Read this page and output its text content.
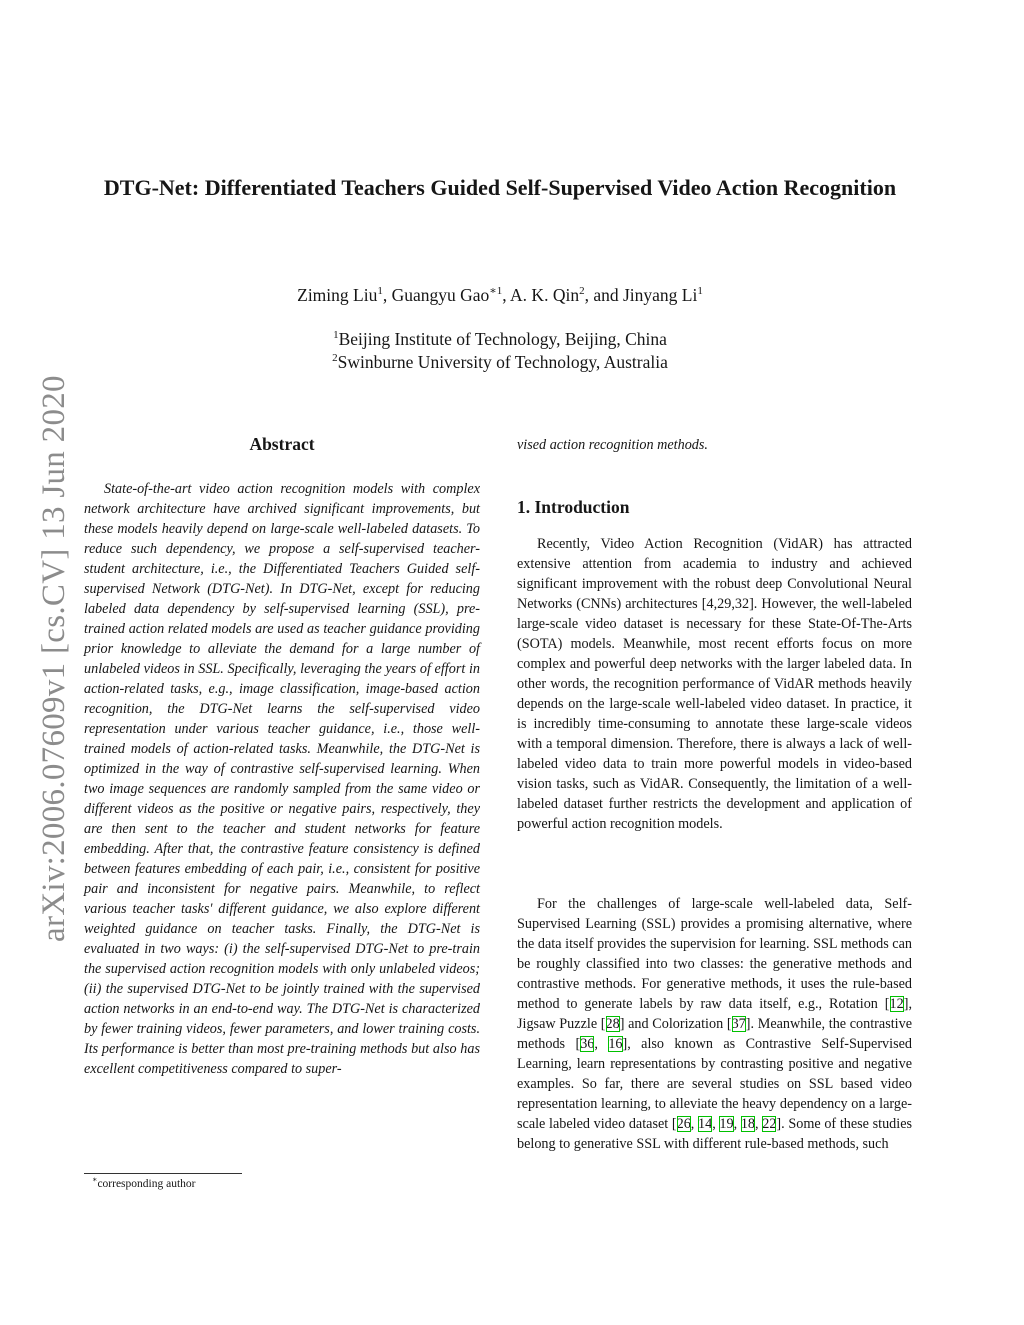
arXiv:2006.07609v1 [cs.CV] 13 Jun 2020
DTG-Net: Differentiated Teachers Guided Self-Supervised Video Action Recognition
Ziming Liu$^1$, Guangyu Gao$^{∗1}$, A. K. Qin$^2$, and Jinyang Li$^1$
$^1$Beijing Institute of Technology, Beijing, China
$^2$Swinburne University of Technology, Australia
Abstract

State-of-the-art video action recognition models with complex network architecture have archived significant improvements, but these models heavily depend on large-scale well-labeled datasets. To reduce such dependency, we propose a self-supervised teacher-student architecture, i.e., the Differentiated Teachers Guided self-supervised Network (DTG-Net). In DTG-Net, except for reducing labeled data dependency by self-supervised learning (SSL), pre-trained action related models are used as teacher guidance providing prior knowledge to alleviate the demand for a large number of unlabeled videos in SSL. Specifically, leveraging the years of effort in action-related tasks, e.g., image classification, image-based action recognition, the DTG-Net learns the self-supervised video representation under various teacher guidance, i.e., those well-trained models of action-related tasks. Meanwhile, the DTG-Net is optimized in the way of contrastive self-supervised learning. When two image sequences are randomly sampled from the same video or different videos as the positive or negative pairs, respectively, they are then sent to the teacher and student networks for feature embedding. After that, the contrastive feature consistency is defined between features embedding of each pair, i.e., consistent for positive pair and inconsistent for negative pairs. Meanwhile, to reflect various teacher tasks' different guidance, we also explore different weighted guidance on teacher tasks. Finally, the DTG-Net is evaluated in two ways: (i) the self-supervised DTG-Net to pre-train the supervised action recognition models with only unlabeled videos; (ii) the supervised DTG-Net to be jointly trained with the supervised action networks in an end-to-end way. The DTG-Net is characterized by fewer training videos, fewer parameters, and lower training costs. Its performance is better than most pre-training methods but also has excellent competitiveness compared to super-

∗corresponding author
vised action recognition methods.
1. Introduction

Recently, Video Action Recognition (VidAR) has attracted extensive attention from academia to industry and achieved significant improvement with the robust deep Convolutional Neural Networks (CNNs) architectures [4,29,32]. However, the well-labeled large-scale video dataset is necessary for these State-Of-The-Arts (SOTA) models. Meanwhile, most recent efforts focus on more complex and powerful deep networks with the larger labeled data. In other words, the recognition performance of VidAR methods heavily depends on the large-scale well-labeled video dataset. In practice, it is incredibly time-consuming to annotate these large-scale videos with a temporal dimension. Therefore, there is always a lack of well-labeled video data to train more powerful models in video-based vision tasks, such as VidAR. Consequently, the limitation of a well-labeled dataset further restricts the development and application of powerful action recognition models.

For the challenges of large-scale well-labeled data, Self-Supervised Learning (SSL) provides a promising alternative, where the data itself provides the supervision for learning. SSL methods can be roughly classified into two classes: the generative methods and contrastive methods. For generative methods, it uses the rule-based method to generate labels by raw data itself, e.g., Rotation [12], Jigsaw Puzzle [28] and Colorization [37]. Meanwhile, the contrastive methods [36, 16], also known as Contrastive Self-Supervised Learning, learn representations by contrasting positive and negative examples. So far, there are several studies on SSL based video representation learning, to alleviate the heavy dependency on a large-scale labeled video dataset [26, 14, 19, 18, 22]. Some of these studies belong to generative SSL with different rule-based methods, such
